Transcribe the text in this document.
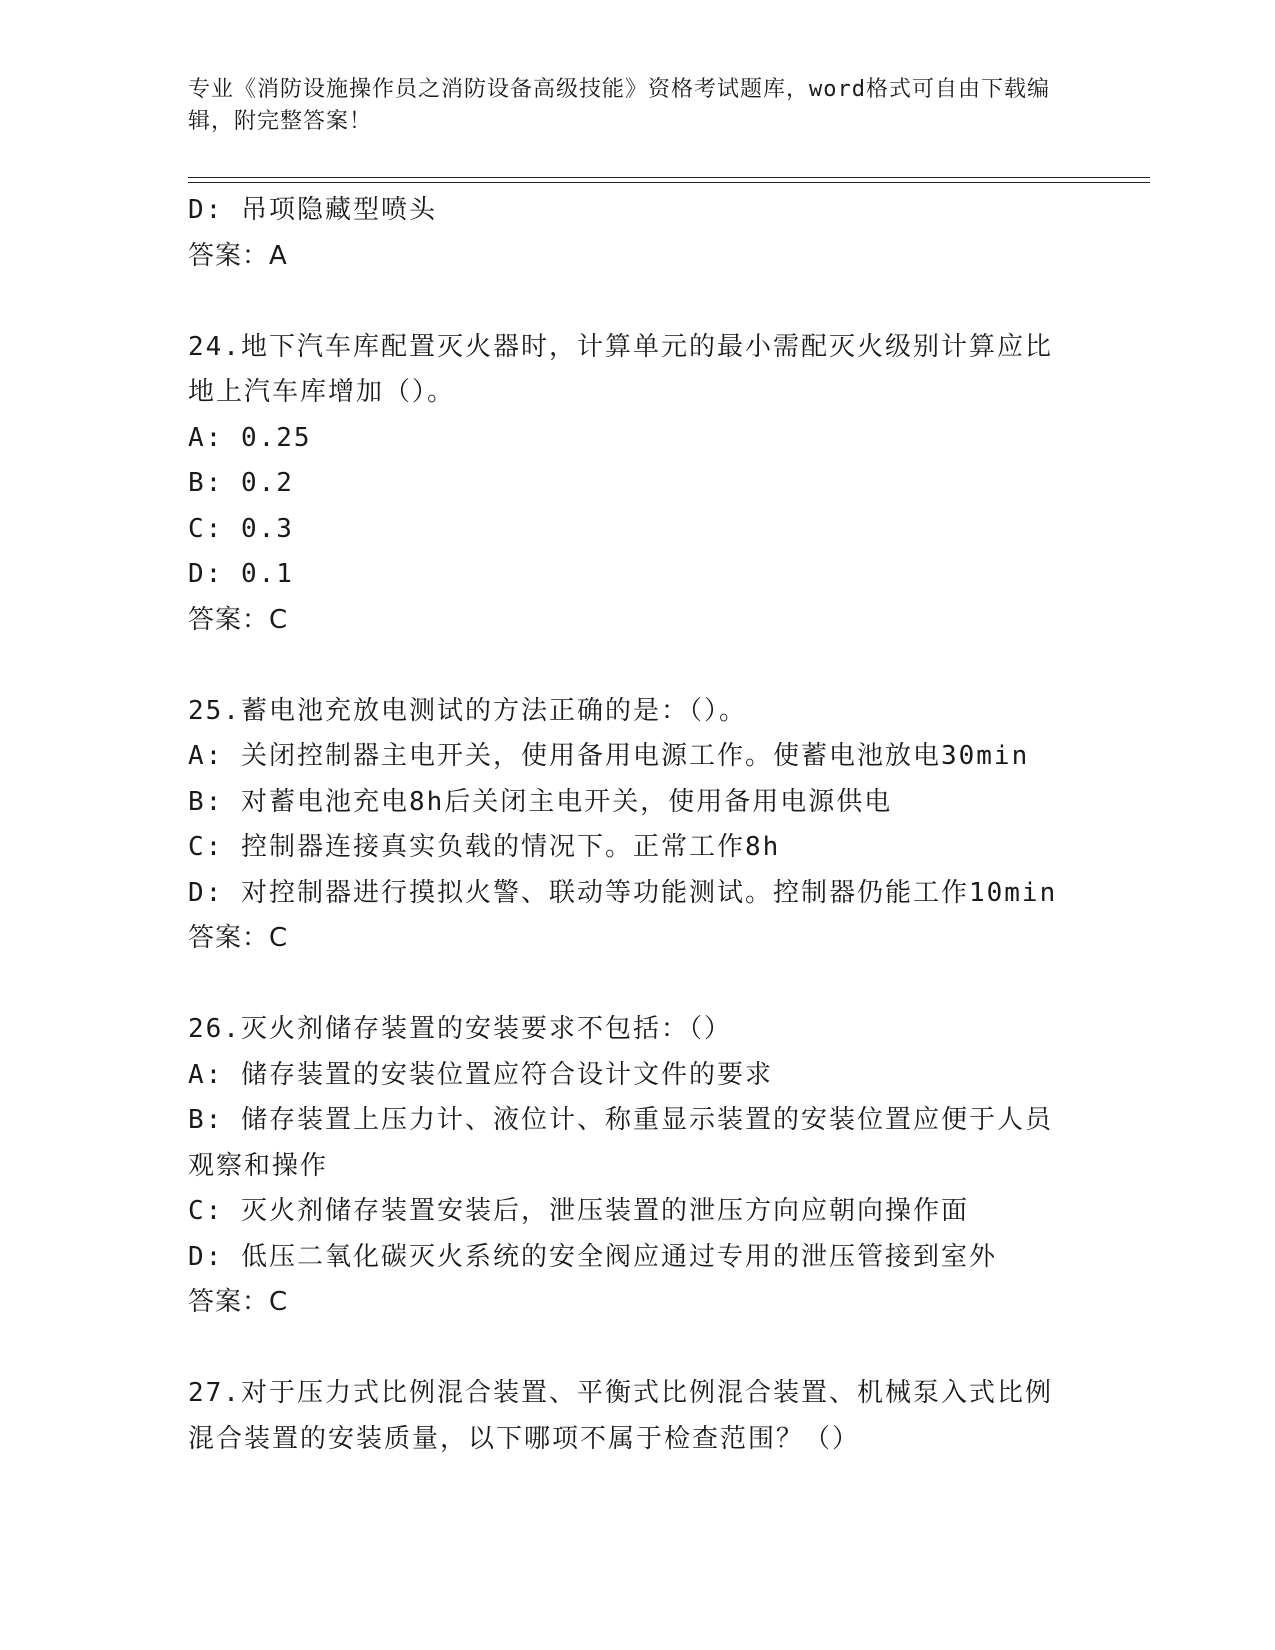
专业《消防设施操作员之消防设备高级技能》资格考试题库，word格式可自由下载编辑，附完整答案！
D: 吊项隐藏型喷头
答案：A
24.地下汽车库配置灭火器时，计算单元的最小需配灭火级别计算应比地上汽车库增加（）。
A: 0.25
B: 0.2
C: 0.3
D: 0.1
答案：C
25.蓄电池充放电测试的方法正确的是：（）。
A: 关闭控制器主电开关，使用备用电源工作。使蓄电池放电30min
B: 对蓄电池充电8h后关闭主电开关，使用备用电源供电
C: 控制器连接真实负载的情况下。正常工作8h
D: 对控制器进行摸拟火警、联动等功能测试。控制器仍能工作10min
答案：C
26.灭火剂储存装置的安装要求不包括：（）
A: 储存装置的安装位置应符合设计文件的要求
B: 储存装置上压力计、液位计、称重显示装置的安装位置应便于人员观察和操作
C: 灭火剂储存装置安装后，泄压装置的泄压方向应朝向操作面
D: 低压二氧化碳灭火系统的安全阀应通过专用的泄压管接到室外
答案：C
27.对于压力式比例混合装置、平衡式比例混合装置、机械泵入式比例混合装置的安装质量，以下哪项不属于检查范围？（）
